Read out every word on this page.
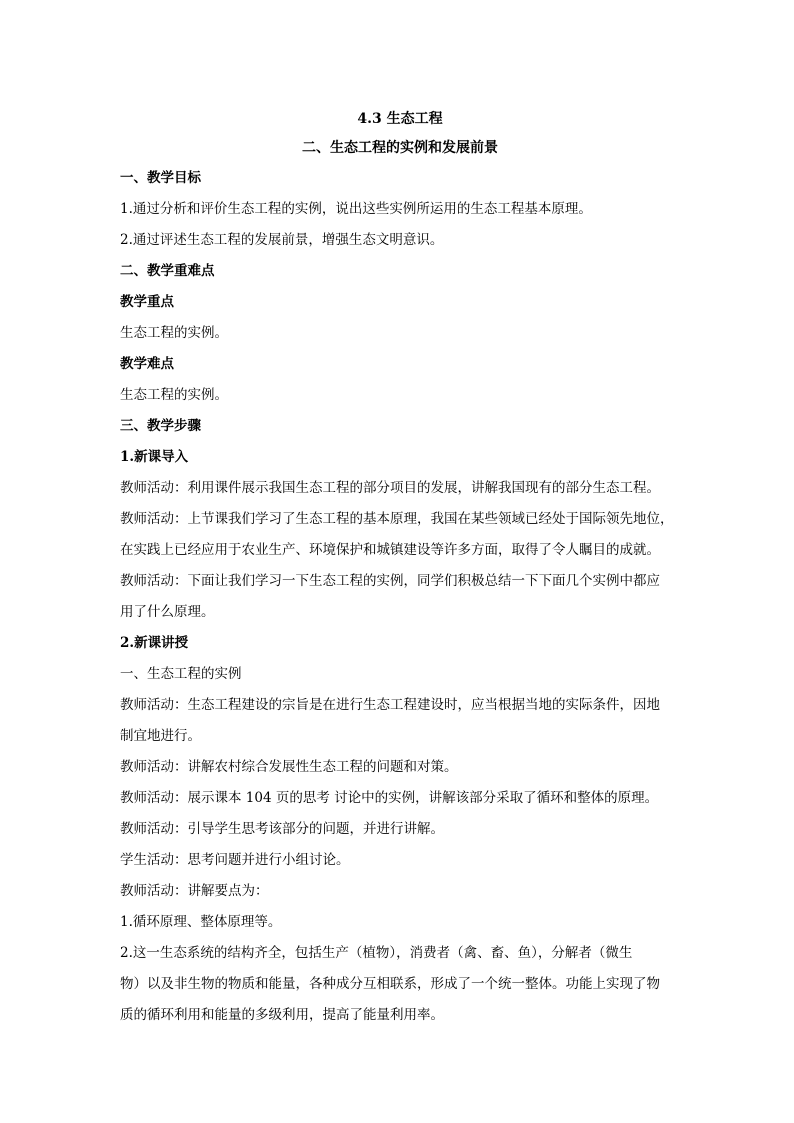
4.3 生态工程
二、生态工程的实例和发展前景
一、教学目标
1.通过分析和评价生态工程的实例，说出这些实例所运用的生态工程基本原理。
2.通过评述生态工程的发展前景，增强生态文明意识。
二、教学重难点
教学重点
生态工程的实例。
教学难点
生态工程的实例。
三、教学步骤
1.新课导入
教师活动：利用课件展示我国生态工程的部分项目的发展，讲解我国现有的部分生态工程。
教师活动：上节课我们学习了生态工程的基本原理，我国在某些领域已经处于国际领先地位，
在实践上已经应用于农业生产、环境保护和城镇建设等许多方面，取得了令人瞩目的成就。
教师活动：下面让我们学习一下生态工程的实例，同学们积极总结一下下面几个实例中都应
用了什么原理。
2.新课讲授
一、生态工程的实例
教师活动：生态工程建设的宗旨是在进行生态工程建设时，应当根据当地的实际条件，因地
制宜地进行。
教师活动：讲解农村综合发展性生态工程的问题和对策。
教师活动：展示课本 104 页的思考 讨论中的实例，讲解该部分采取了循环和整体的原理。
教师活动：引导学生思考该部分的问题，并进行讲解。
学生活动：思考问题并进行小组讨论。
教师活动：讲解要点为：
1.循环原理、整体原理等。
2.这一生态系统的结构齐全，包括生产（植物），消费者（禽、畜、鱼），分解者（微生
物）以及非生物的物质和能量，各种成分互相联系，形成了一个统一整体。功能上实现了物
质的循环利用和能量的多级利用，提高了能量利用率。
